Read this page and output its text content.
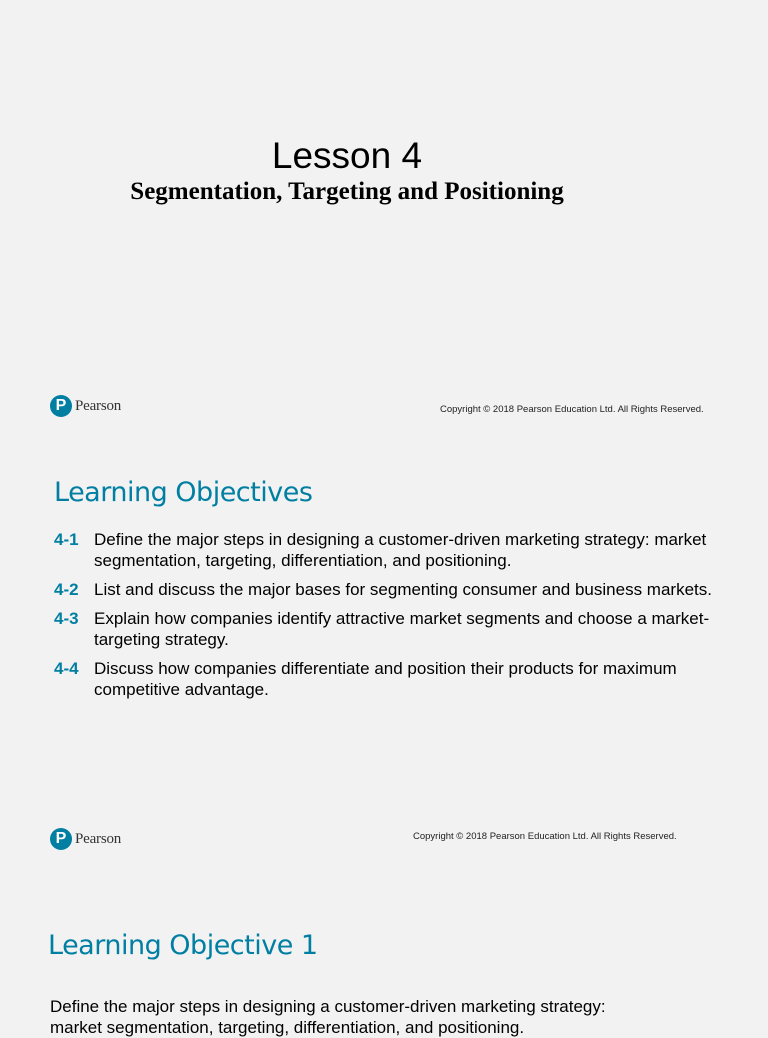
Lesson 4
Segmentation, Targeting and Positioning
P Pearson	Copyright © 2018 Pearson Education Ltd. All Rights Reserved.
Learning Objectives
4-1 Define the major steps in designing a customer-driven marketing strategy: market segmentation, targeting, differentiation, and positioning.
4-2 List and discuss the major bases for segmenting consumer and business markets.
4-3 Explain how companies identify attractive market segments and choose a market-targeting strategy.
4-4 Discuss how companies differentiate and position their products for maximum competitive advantage.
P Pearson	Copyright © 2018 Pearson Education Ltd. All Rights Reserved.
Learning Objective 1
Define the major steps in designing a customer-driven marketing strategy:
market segmentation, targeting, differentiation, and positioning.
